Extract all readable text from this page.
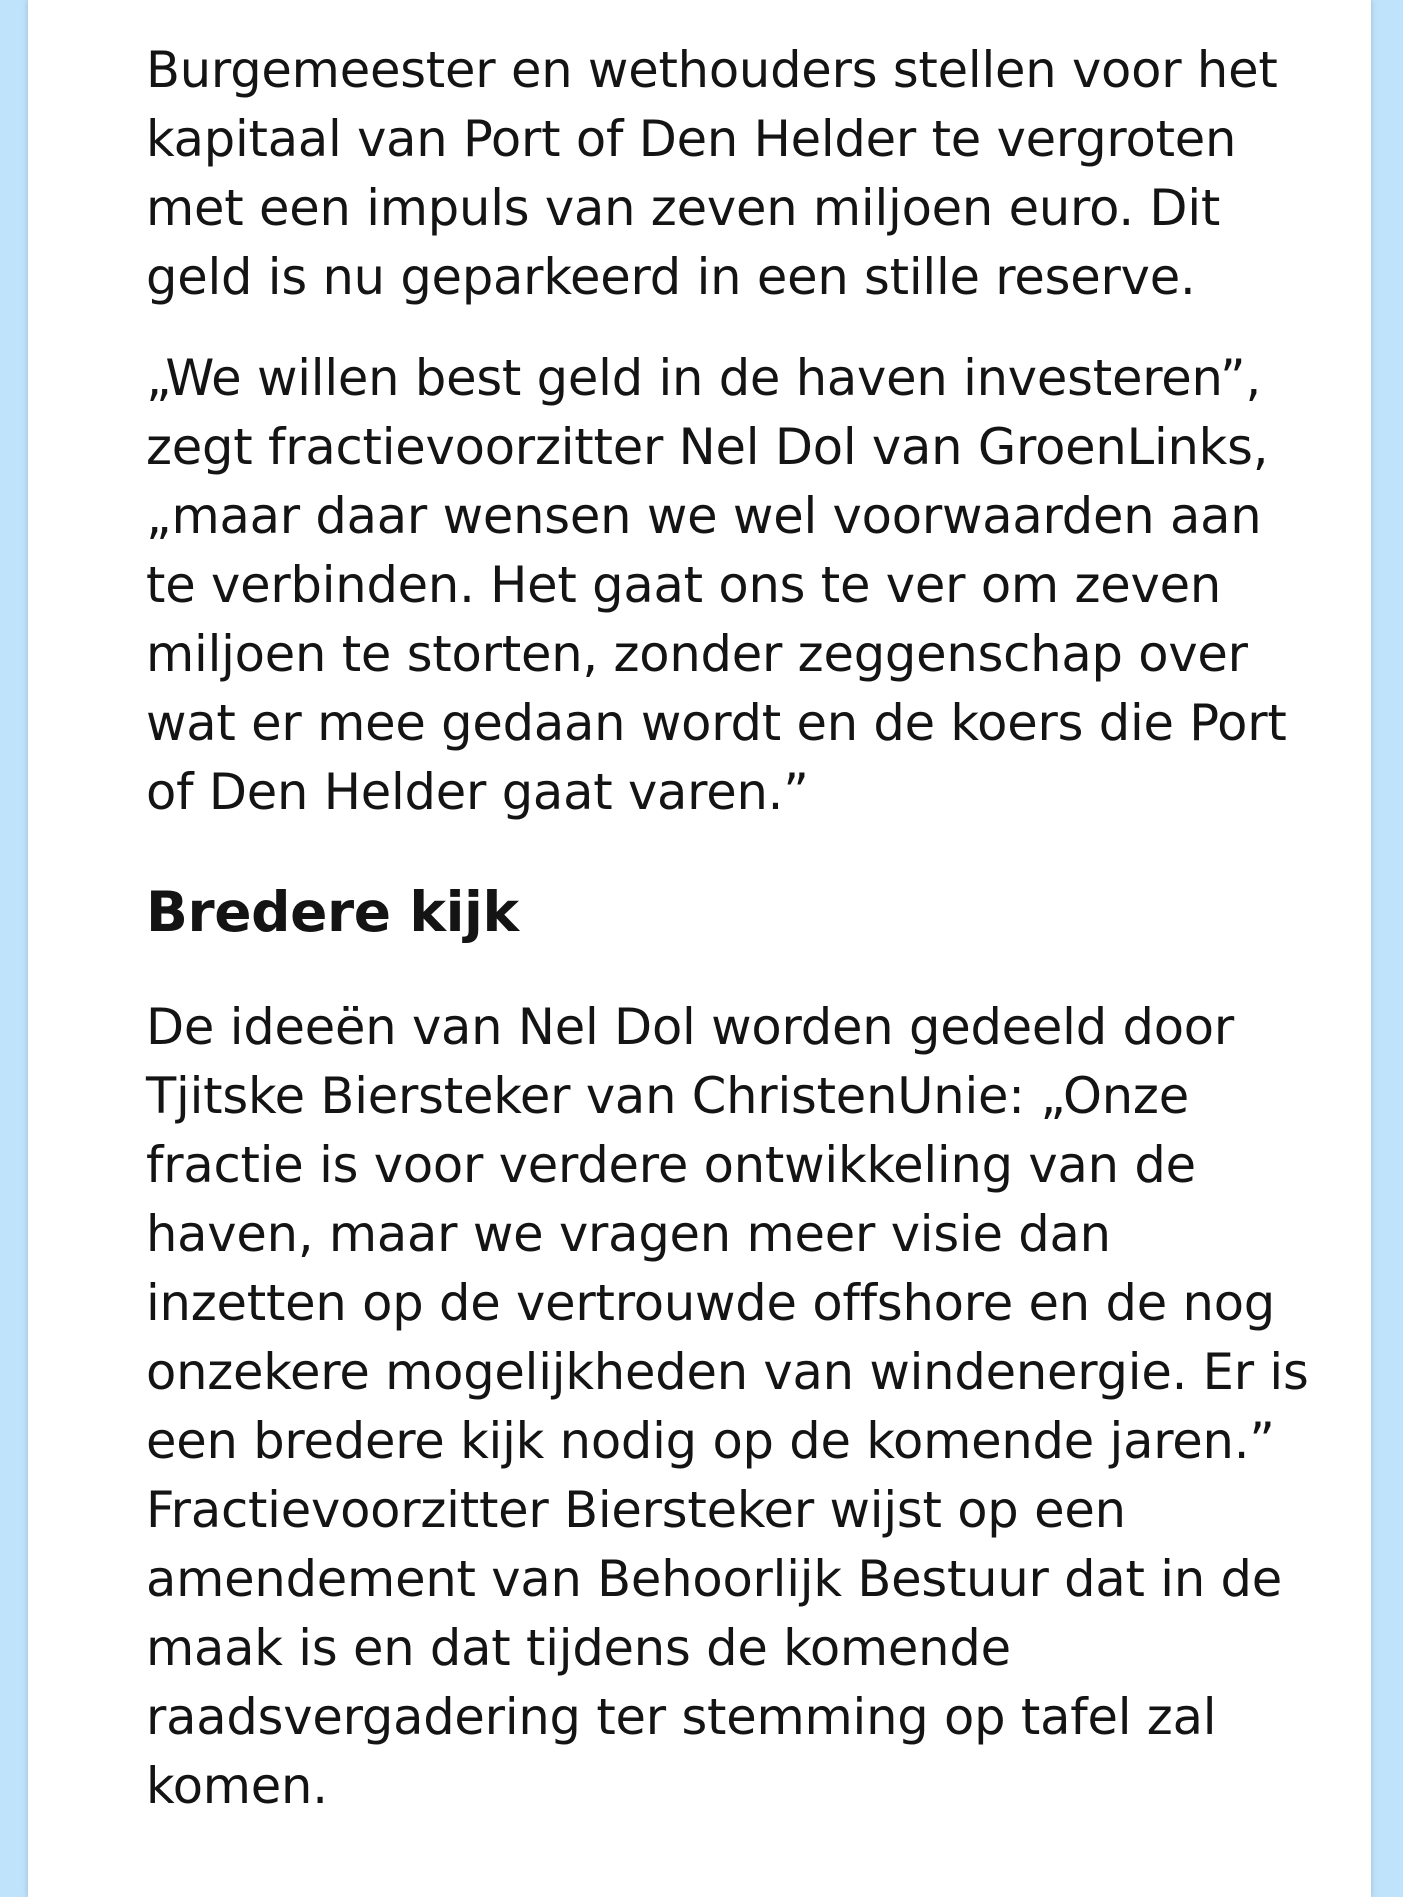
Burgemeester en wethouders stellen voor het kapitaal van Port of Den Helder te vergroten met een impuls van zeven miljoen euro. Dit geld is nu geparkeerd in een stille reserve.

„We willen best geld in de haven investeren”, zegt fractievoorzitter Nel Dol van GroenLinks, „maar daar wensen we wel voorwaarden aan te verbinden. Het gaat ons te ver om zeven miljoen te storten, zonder zeggenschap over wat er mee gedaan wordt en de koers die Port of Den Helder gaat varen.”

Bredere kijk

De ideeën van Nel Dol worden gedeeld door Tjitske Biersteker van ChristenUnie: „Onze fractie is voor verdere ontwikkeling van de haven, maar we vragen meer visie dan inzetten op de vertrouwde offshore en de nog onzekere mogelijkheden van windenergie. Er is een bredere kijk nodig op de komende jaren.” Fractievoorzitter Biersteker wijst op een amendement van Behoorlijk Bestuur dat in de maak is en dat tijdens de komende raadsvergadering ter stemming op tafel zal komen.
